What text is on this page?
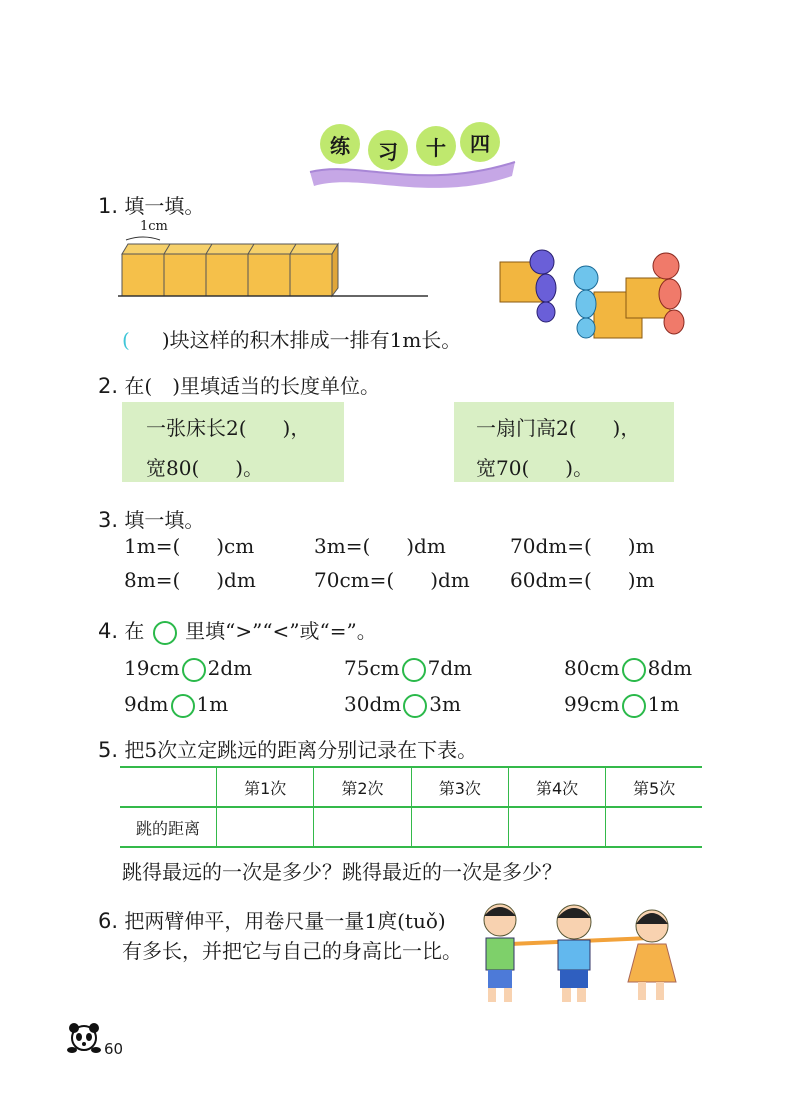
练	习	十	四
1. 填一填。
1cm
( )块这样的积木排成一排有1m长。
2. 在( )里填适当的长度单位。
一张床长2( )，
宽80( )。
一扇门高2( )，
宽70( )。
3. 填一填。
1m=( )cm	3m=( )dm	70dm=( )m
8m=( )dm	70cm=( )dm 60dm=( )m
4. 在 里填“>”“<”或“=”。
19cm 2dm	75cm 7dm	80cm 8dm
9dm 1m	30dm 3m	99cm 1m
5. 把5次立定跳远的距离分别记录在下表。
	第1次	第2次	第3次	第4次	第5次
跳的距离					
跳得最远的一次是多少？跳得最近的一次是多少？
6. 把两臂伸平，用卷尺量一量1庹(tuǒ)
有多长，并把它与自己的身高比一比。
60
